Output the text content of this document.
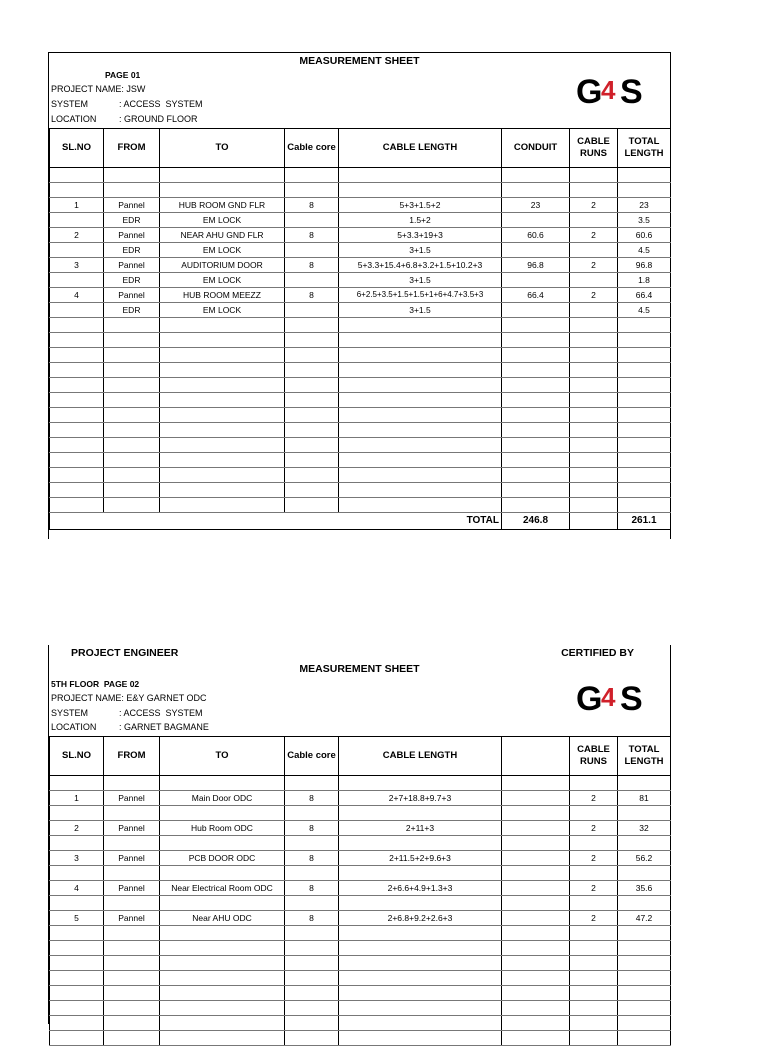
MEASUREMENT SHEET
PAGE 01
PROJECT NAME: JSW
SYSTEM	: ACCESS  SYSTEM
LOCATION	: GROUND FLOOR
G 4 S
SL.NO	FROM	TO	Cable core	CABLE LENGTH	CONDUIT	CABLE RUNS	TOTAL LENGTH

1	Pannel	HUB ROOM GND FLR	8	5+3+1.5+2	23	2	23
	EDR	EM LOCK		1.5+2			3.5
2	Pannel	NEAR AHU GND FLR	8	5+3.3+19+3	60.6	2	60.6
	EDR	EM LOCK		3+1.5			4.5
3	Pannel	AUDITORIUM DOOR	8	5+3.3+15.4+6.8+3.2+1.5+10.2+3	96.8	2	96.8
	EDR	EM LOCK		3+1.5			1.8
4	Pannel	HUB ROOM MEEZZ	8	6+2.5+3.5+1.5+1.5+1+6+4.7+3.5+3	66.4	2	66.4
	EDR	EM LOCK		3+1.5			4.5

				TOTAL	246.8		261.1
PROJECT ENGINEER	CERTIFIED BY
MEASUREMENT SHEET
5TH FLOOR  PAGE 02
PROJECT NAME: E&Y GARNET ODC
SYSTEM	: ACCESS  SYSTEM
LOCATION	: GARNET BAGMANE
G 4 S
SL.NO	FROM	TO	Cable core	CABLE LENGTH		CABLE RUNS	TOTAL LENGTH

1	Pannel	Main Door ODC	8	2+7+18.8+9.7+3		2	81

2	Pannel	Hub Room ODC	8	2+11+3		2	32

3	Pannel	PCB DOOR ODC	8	2+11.5+2+9.6+3		2	56.2

4	Pannel	Near Electrical Room ODC	8	2+6.6+4.9+1.3+3		2	35.6

5	Pannel	Near AHU ODC	8	2+6.8+9.2+2.6+3		2	47.2
